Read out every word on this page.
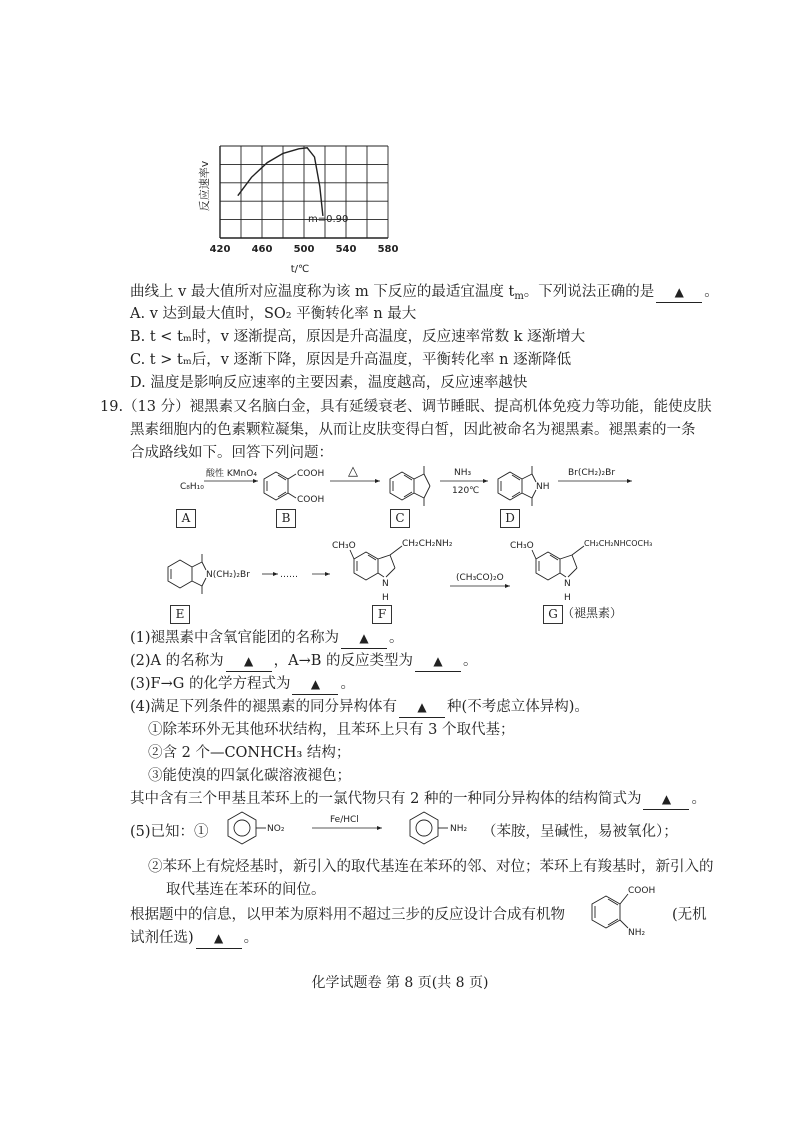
m=0.90
420 460 500 540 580
反应速率v
t/℃
曲线上 v 最大值所对应温度称为该 m 下反应的最适宜温度 $t_m$。下列说法正确的是 ▲ 。
A. v 达到最大值时，SO₂ 平衡转化率 n 最大
B. t < tₘ时，v 逐渐提高，原因是升高温度，反应速率常数 k 逐渐增大
C. t > tₘ后，v 逐渐下降，原因是升高温度，平衡转化率 n 逐渐降低
D. 温度是影响反应速率的主要因素，温度越高，反应速率越快
19.（13 分）褪黑素又名脑白金，具有延缓衰老、调节睡眠、提高机体免疫力等功能，能使皮肤
黑素细胞内的色素颗粒凝集，从而让皮肤变得白皙，因此被命名为褪黑素。褪黑素的一条
合成路线如下。回答下列问题：
C₈H₁₀
酸性 KMnO₄	COOH
COOH
△	NH₃
120℃	NH
Br(CH₂)₂Br
N(CH₂)₂Br	……
CH₃O	CH₂CH₂NH₂
N
H
(CH₃CO)₂O
CH₃O	CH₂CH₂NHCOCH₃
N
H
A	B	C	D
E	F	G （褪黑素）
(1)褪黑素中含氧官能团的名称为 ▲ 。
(2)A 的名称为 ▲ ，A→B 的反应类型为 ▲ 。
(3)F→G 的化学方程式为 ▲ 。
(4)满足下列条件的褪黑素的同分异构体有 ▲ 种(不考虑立体异构)。
①除苯环外无其他环状结构，且苯环上只有 3 个取代基；
②含 2 个—CONHCH₃ 结构；
③能使溴的四氯化碳溶液褪色；
其中含有三个甲基且苯环上的一氯代物只有 2 种的一种同分异构体的结构简式为 ▲ 。
(5)已知：①	NO₂
Fe/HCl
NH₂ （苯胺，呈碱性，易被氧化）；
②苯环上有烷烃基时，新引入的取代基连在苯环的邻、对位；苯环上有羧基时，新引入的
取代基连在苯环的间位。
根据题中的信息，以甲苯为原料用不超过三步的反应设计合成有机物
COOH
NH₂
(无机
试剂任选) ▲ 。
化学试题卷 第 8 页(共 8 页)
